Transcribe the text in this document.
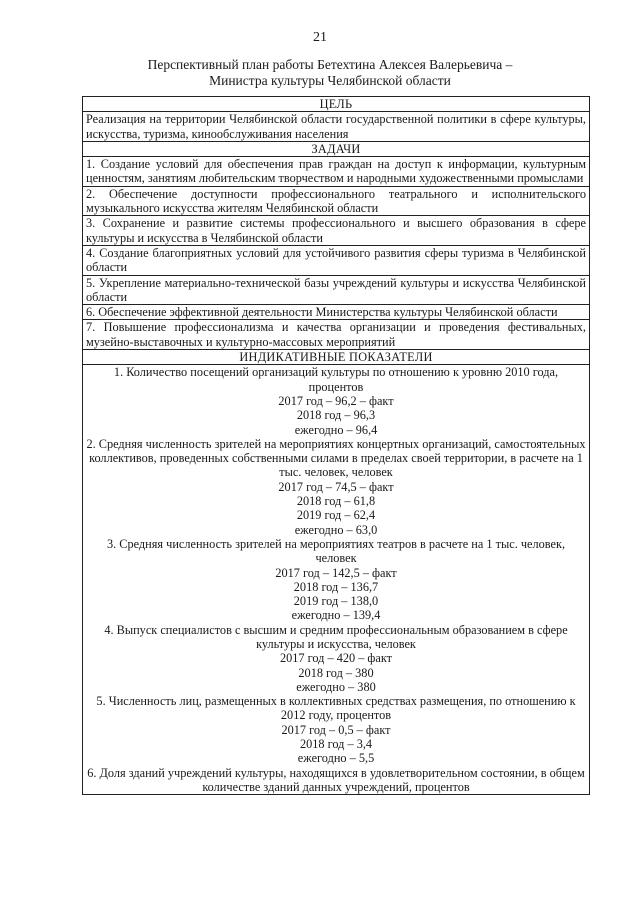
21
Перспективный план работы Бетехтина Алексея Валерьевича –
Министра культуры Челябинской области
ЦЕЛЬ
Реализация на территории Челябинской области государственной политики в сфере культуры, искусства, туризма, кинообслуживания населения
ЗАДАЧИ
1. Создание условий для обеспечения прав граждан на доступ к информации, культурным ценностям, занятиям любительским творчеством и народными художественными промыслами
2. Обеспечение доступности профессионального театрального и исполнительского музыкального искусства жителям Челябинской области
3. Сохранение и развитие системы профессионального и высшего образования в сфере культуры и искусства в Челябинской области
4. Создание благоприятных условий для устойчивого развития сферы туризма в Челябинской области
5. Укрепление материально-технической базы учреждений культуры и искусства Челябинской области
6. Обеспечение эффективной деятельности Министерства культуры Челябинской области
7. Повышение профессионализма и качества организации и проведения фестивальных, музейно-выставочных и культурно-массовых мероприятий
ИНДИКАТИВНЫЕ ПОКАЗАТЕЛИ

1. Количество посещений организаций культуры по отношению к уровню 2010 года, процентов
2017 год – 96,2 – факт
2018 год – 96,3
ежегодно – 96,4
2. Средняя численность зрителей на мероприятиях концертных организаций, самостоятельных коллективов, проведенных собственными силами в пределах своей территории, в расчете на 1 тыс. человек, человек
2017 год – 74,5 – факт
2018 год – 61,8
2019 год – 62,4
ежегодно – 63,0
3. Средняя численность зрителей на мероприятиях театров в расчете на 1 тыс. человек, человек
2017 год – 142,5 – факт
2018 год – 136,7
2019 год – 138,0
ежегодно – 139,4
4. Выпуск специалистов с высшим и средним профессиональным образованием в сфере культуры и искусства, человек
2017 год – 420 – факт
2018 год – 380
ежегодно – 380
5. Численность лиц, размещенных в коллективных средствах размещения, по отношению к 2012 году, процентов
2017 год – 0,5 – факт
2018 год – 3,4
ежегодно – 5,5
6. Доля зданий учреждений культуры, находящихся в удовлетворительном состоянии, в общем количестве зданий данных учреждений, процентов
